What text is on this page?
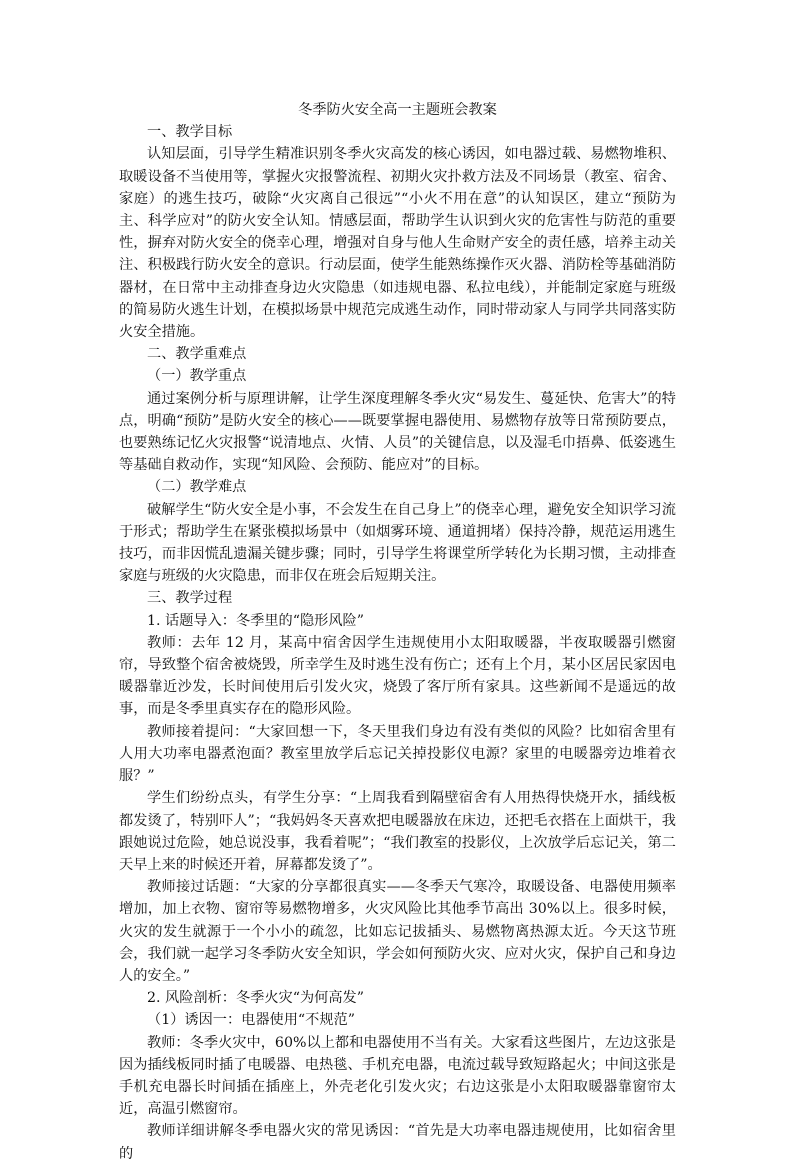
冬季防火安全高一主题班会教案

一、教学目标

认知层面，引导学生精准识别冬季火灾高发的核心诱因，如电器过载、易燃物堆积、取暖设备不当使用等，掌握火灾报警流程、初期火灾扑救方法及不同场景（教室、宿舍、家庭）的逃生技巧，破除“火灾离自己很远”“小火不用在意”的认知误区，建立“预防为主、科学应对”的防火安全认知。情感层面，帮助学生认识到火灾的危害性与防范的重要性，摒弃对防火安全的侥幸心理，增强对自身与他人生命财产安全的责任感，培养主动关注、积极践行防火安全的意识。行动层面，使学生能熟练操作灭火器、消防栓等基础消防器材，在日常中主动排查身边火灾隐患（如违规电器、私拉电线），并能制定家庭与班级的简易防火逃生计划，在模拟场景中规范完成逃生动作，同时带动家人与同学共同落实防火安全措施。

二、教学重难点

（一）教学重点

通过案例分析与原理讲解，让学生深度理解冬季火灾“易发生、蔓延快、危害大”的特点，明确“预防”是防火安全的核心——既要掌握电器使用、易燃物存放等日常预防要点，也要熟练记忆火灾报警“说清地点、火情、人员”的关键信息，以及湿毛巾捂鼻、低姿逃生等基础自救动作，实现“知风险、会预防、能应对”的目标。

（二）教学难点

破解学生“防火安全是小事，不会发生在自己身上”的侥幸心理，避免安全知识学习流于形式；帮助学生在紧张模拟场景中（如烟雾环境、通道拥堵）保持冷静，规范运用逃生技巧，而非因慌乱遗漏关键步骤；同时，引导学生将课堂所学转化为长期习惯，主动排查家庭与班级的火灾隐患，而非仅在班会后短期关注。

三、教学过程

1. 话题导入：冬季里的“隐形风险”

教师：去年 12 月，某高中宿舍因学生违规使用小太阳取暖器，半夜取暖器引燃窗帘，导致整个宿舍被烧毁，所幸学生及时逃生没有伤亡；还有上个月，某小区居民家因电暖器靠近沙发，长时间使用后引发火灾，烧毁了客厅所有家具。这些新闻不是遥远的故事，而是冬季里真实存在的隐形风险。

教师接着提问：“大家回想一下，冬天里我们身边有没有类似的风险？比如宿舍里有人用大功率电器煮泡面？教室里放学后忘记关掉投影仪电源？家里的电暖器旁边堆着衣服？”

学生们纷纷点头，有学生分享：“上周我看到隔壁宿舍有人用热得快烧开水，插线板都发烫了，特别吓人”；“我妈妈冬天喜欢把电暖器放在床边，还把毛衣搭在上面烘干，我跟她说过危险，她总说没事，我看着呢”；“我们教室的投影仪，上次放学后忘记关，第二天早上来的时候还开着，屏幕都发烫了”。

教师接过话题：“大家的分享都很真实——冬季天气寒冷，取暖设备、电器使用频率增加，加上衣物、窗帘等易燃物增多，火灾风险比其他季节高出 30%以上。很多时候，火灾的发生就源于一个小小的疏忽，比如忘记拔插头、易燃物离热源太近。今天这节班会，我们就一起学习冬季防火安全知识，学会如何预防火灾、应对火灾，保护自己和身边人的安全。”

2. 风险剖析：冬季火灾“为何高发”

（1）诱因一：电器使用“不规范”

教师：冬季火灾中，60%以上都和电器使用不当有关。大家看这些图片，左边这张是因为插线板同时插了电暖器、电热毯、手机充电器，电流过载导致短路起火；中间这张是手机充电器长时间插在插座上，外壳老化引发火灾；右边这张是小太阳取暖器靠窗帘太近，高温引燃窗帘。

教师详细讲解冬季电器火灾的常见诱因：“首先是大功率电器违规使用，比如宿舍里的
